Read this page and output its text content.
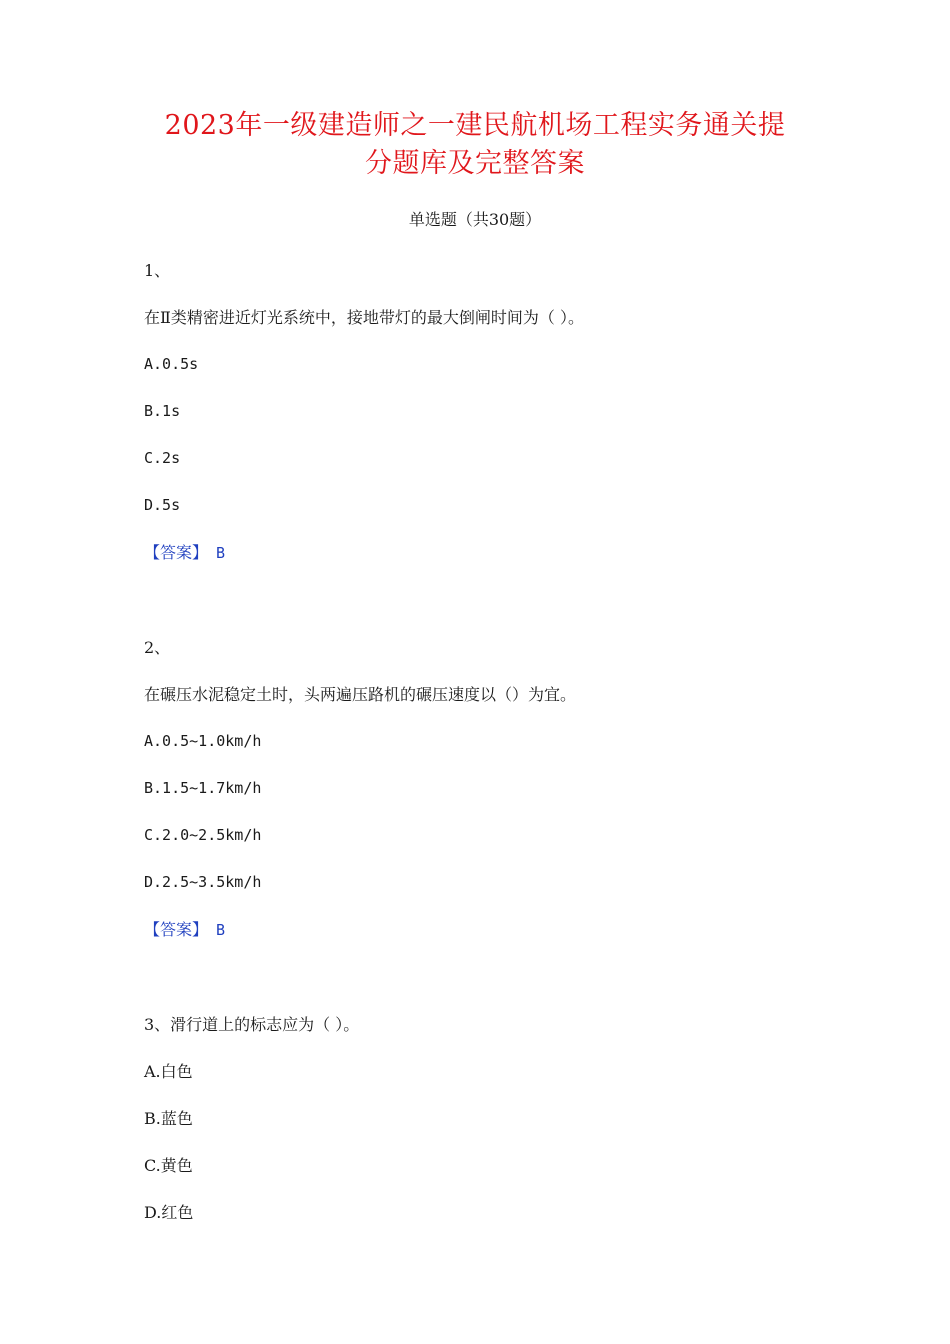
2023年一级建造师之一建民航机场工程实务通关提
分题库及完整答案
单选题（共30题）
1、
在Ⅱ类精密进近灯光系统中，接地带灯的最大倒闸时间为（ ）。
A.0.5s
B.1s
C.2s
D.5s
【答案】 B
2、
在碾压水泥稳定土时，头两遍压路机的碾压速度以（）为宜。
A.0.5~1.0km/h
B.1.5~1.7km/h
C.2.0~2.5km/h
D.2.5~3.5km/h
【答案】 B
3、滑行道上的标志应为（ ）。
A.白色
B.蓝色
C.黄色
D.红色
